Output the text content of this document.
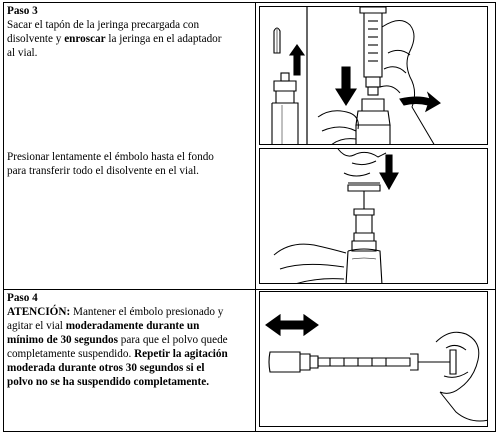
Paso 3
Sacar el tapón de la jeringa precargada con
disolvente y enroscar la jeringa en el adaptador
al vial.
Presionar lentamente el émbolo hasta el fondo
para transferir todo el disolvente en el vial.
Paso 4
ATENCIÓN: Mantener el émbolo presionado y
agitar el vial moderadamente durante un
mínimo de 30 segundos para que el polvo quede
completamente suspendido. Repetir la agitación
moderada durante otros 30 segundos si el
polvo no se ha suspendido completamente.
